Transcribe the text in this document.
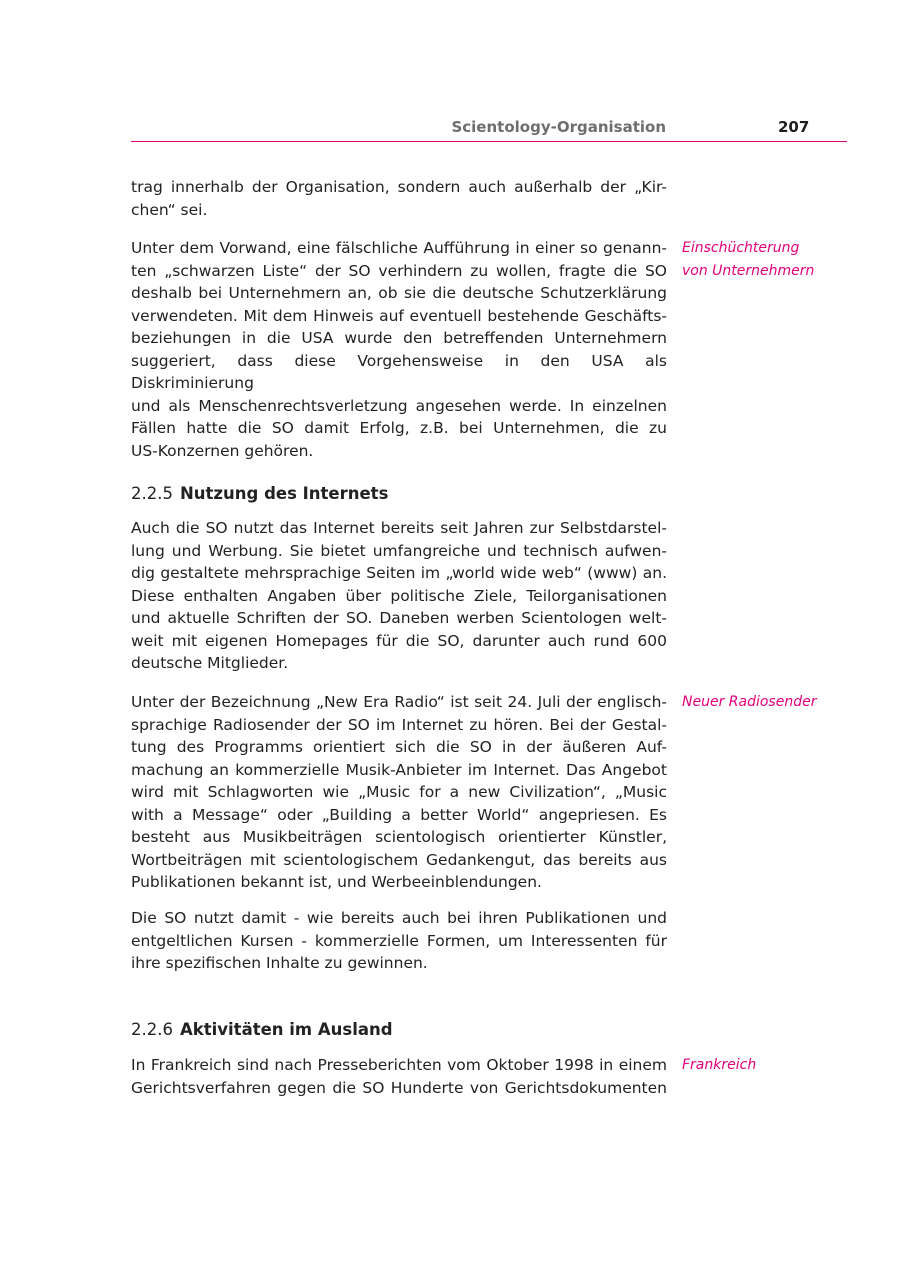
Scientology-Organisation	207
trag innerhalb der Organisation, sondern auch außerhalb der „Kir-
chen“ sei.
Unter dem Vorwand, eine fälschliche Aufführung in einer so genann-
ten „schwarzen Liste“ der SO verhindern zu wollen, fragte die SO
deshalb bei Unternehmern an, ob sie die deutsche Schutzerklärung
verwendeten. Mit dem Hinweis auf eventuell bestehende Geschäfts-
beziehungen in die USA wurde den betreffenden Unternehmern
suggeriert, dass diese Vorgehensweise in den USA als Diskriminierung
und als Menschenrechtsverletzung angesehen werde. In einzelnen
Fällen hatte die SO damit Erfolg, z.B. bei Unternehmen, die zu
US-Konzernen gehören.
Einschüchterung
von Unternehmern
2.2.5 Nutzung des Internets
Auch die SO nutzt das Internet bereits seit Jahren zur Selbstdarstel-
lung und Werbung. Sie bietet umfangreiche und technisch aufwen-
dig gestaltete mehrsprachige Seiten im „world wide web“ (www) an.
Diese enthalten Angaben über politische Ziele, Teilorganisationen
und aktuelle Schriften der SO. Daneben werben Scientologen welt-
weit mit eigenen Homepages für die SO, darunter auch rund 600
deutsche Mitglieder.
Unter der Bezeichnung „New Era Radio“ ist seit 24. Juli der englisch-
sprachige Radiosender der SO im Internet zu hören. Bei der Gestal-
tung des Programms orientiert sich die SO in der äußeren Auf-
machung an kommerzielle Musik-Anbieter im Internet. Das Angebot
wird mit Schlagworten wie „Music for a new Civilization“, „Music
with a Message“ oder „Building a better World“ angepriesen. Es
besteht aus Musikbeiträgen scientologisch orientierter Künstler,
Wortbeiträgen mit scientologischem Gedankengut, das bereits aus
Publikationen bekannt ist, und Werbeeinblendungen.
Neuer Radiosender
Die SO nutzt damit - wie bereits auch bei ihren Publikationen und
entgeltlichen Kursen - kommerzielle Formen, um Interessenten für
ihre spezifischen Inhalte zu gewinnen.
2.2.6 Aktivitäten im Ausland
In Frankreich sind nach Presseberichten vom Oktober 1998 in einem
Gerichtsverfahren gegen die SO Hunderte von Gerichtsdokumenten
Frankreich
